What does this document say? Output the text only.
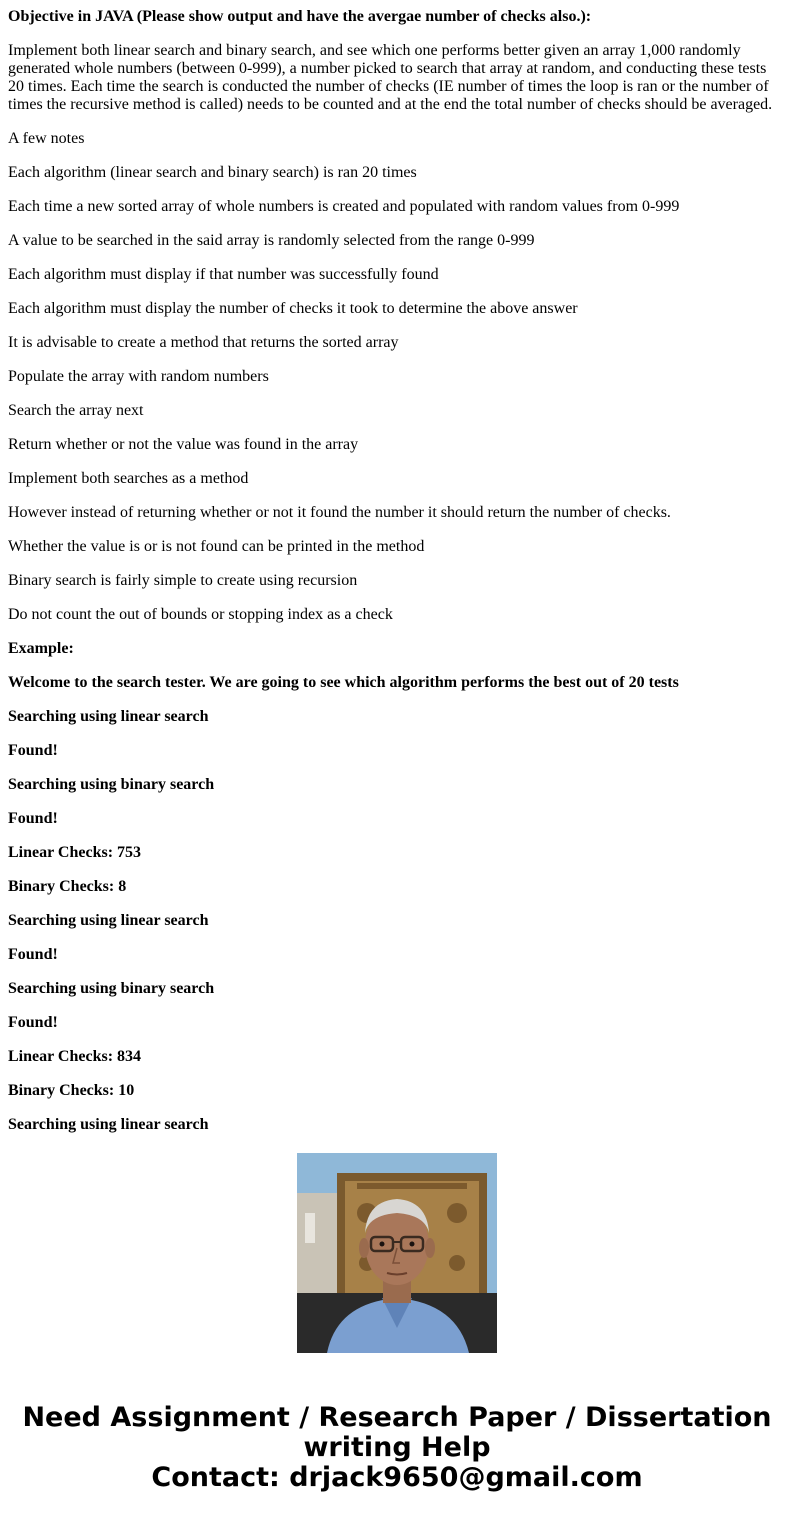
Objective in JAVA (Please show output and have the avergae number of checks also.):

Implement both linear search and binary search, and see which one performs better given an array 1,000 randomly generated whole numbers (between 0-999), a number picked to search that array at random, and conducting these tests 20 times. Each time the search is conducted the number of checks (IE number of times the loop is ran or the number of times the recursive method is called) needs to be counted and at the end the total number of checks should be averaged.

A few notes

Each algorithm (linear search and binary search) is ran 20 times

Each time a new sorted array of whole numbers is created and populated with random values from 0-999

A value to be searched in the said array is randomly selected from the range 0-999

Each algorithm must display if that number was successfully found

Each algorithm must display the number of checks it took to determine the above answer

It is advisable to create a method that returns the sorted array

Populate the array with random numbers

Search the array next

Return whether or not the value was found in the array

Implement both searches as a method

However instead of returning whether or not it found the number it should return the number of checks.

Whether the value is or is not found can be printed in the method

Binary search is fairly simple to create using recursion

Do not count the out of bounds or stopping index as a check

Example:

Welcome to the search tester. We are going to see which algorithm performs the best out of 20 tests

Searching using linear search

Found!

Searching using binary search

Found!

Linear Checks: 753

Binary Checks: 8

Searching using linear search

Found!

Searching using binary search

Found!

Linear Checks: 834

Binary Checks: 10

Searching using linear search

Need Assignment / Research Paper / Dissertation
writing Help
Contact: drjack9650@gmail.com
